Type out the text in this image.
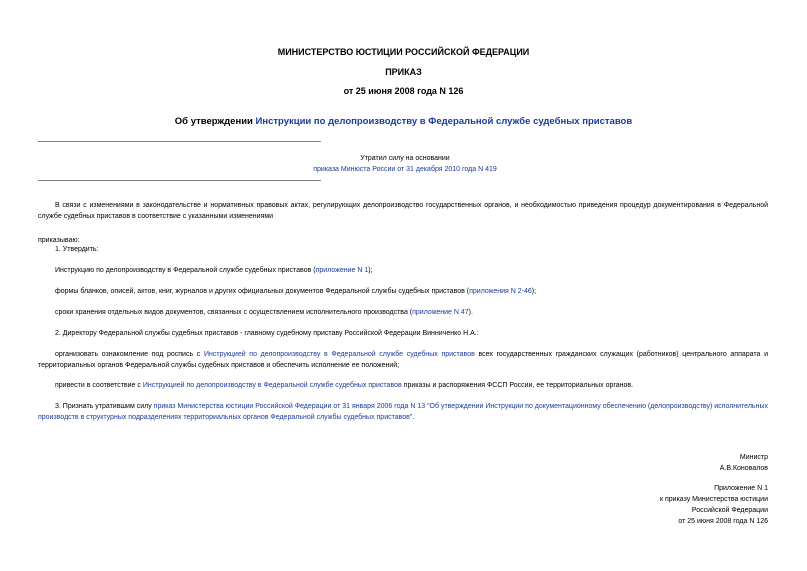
МИНИСТЕРСТВО ЮСТИЦИИ РОССИЙСКОЙ ФЕДЕРАЦИИ
ПРИКАЗ
от 25 июня 2008 года N 126
Об утверждении Инструкции по делопроизводству в Федеральной службе судебных приставов
Утратил силу на основании
приказа Минюста России от 31 декабря 2010 года N 419
В связи с изменениями в законодательстве и нормативных правовых актах, регулирующих делопроизводство государственных органов, и необходимостью приведения процедур документирования в Федеральной службе судебных приставов в соответствие с указанными изменениями
приказываю:
1. Утвердить:
Инструкцию по делопроизводству в Федеральной службе судебных приставов (приложение N 1);
формы бланков, описей, актов, книг, журналов и других официальных документов Федеральной службы судебных приставов (приложения N 2-46);
сроки хранения отдельных видов документов, связанных с осуществлением исполнительного производства (приложение N 47).
2. Директору Федеральной службы судебных приставов - главному судебному приставу Российской Федерации Винниченко Н.А.:
организовать ознакомление под роспись с Инструкцией по делопроизводству в Федеральной службе судебных приставов всех государственных гражданских служащих (работников) центрального аппарата и территориальных органов Федеральной службы судебных приставов и обеспечить исполнение ее положений;
привести в соответствие с Инструкцией по делопроизводству в Федеральной службе судебных приставов приказы и распоряжения ФССП России, ее территориальных органов.
3. Признать утратившим силу приказ Министерства юстиции Российской Федерации от 31 января 2006 года N 13 "Об утверждении Инструкции по документационному обеспечению (делопроизводству) исполнительных производств в структурных подразделениях территориальных органов Федеральной службы судебных приставов".
Министр
А.В.Коновалов
Приложение N 1
к приказу Министерства юстиции
Российской Федерации
от 25 июня 2008 года N 126
